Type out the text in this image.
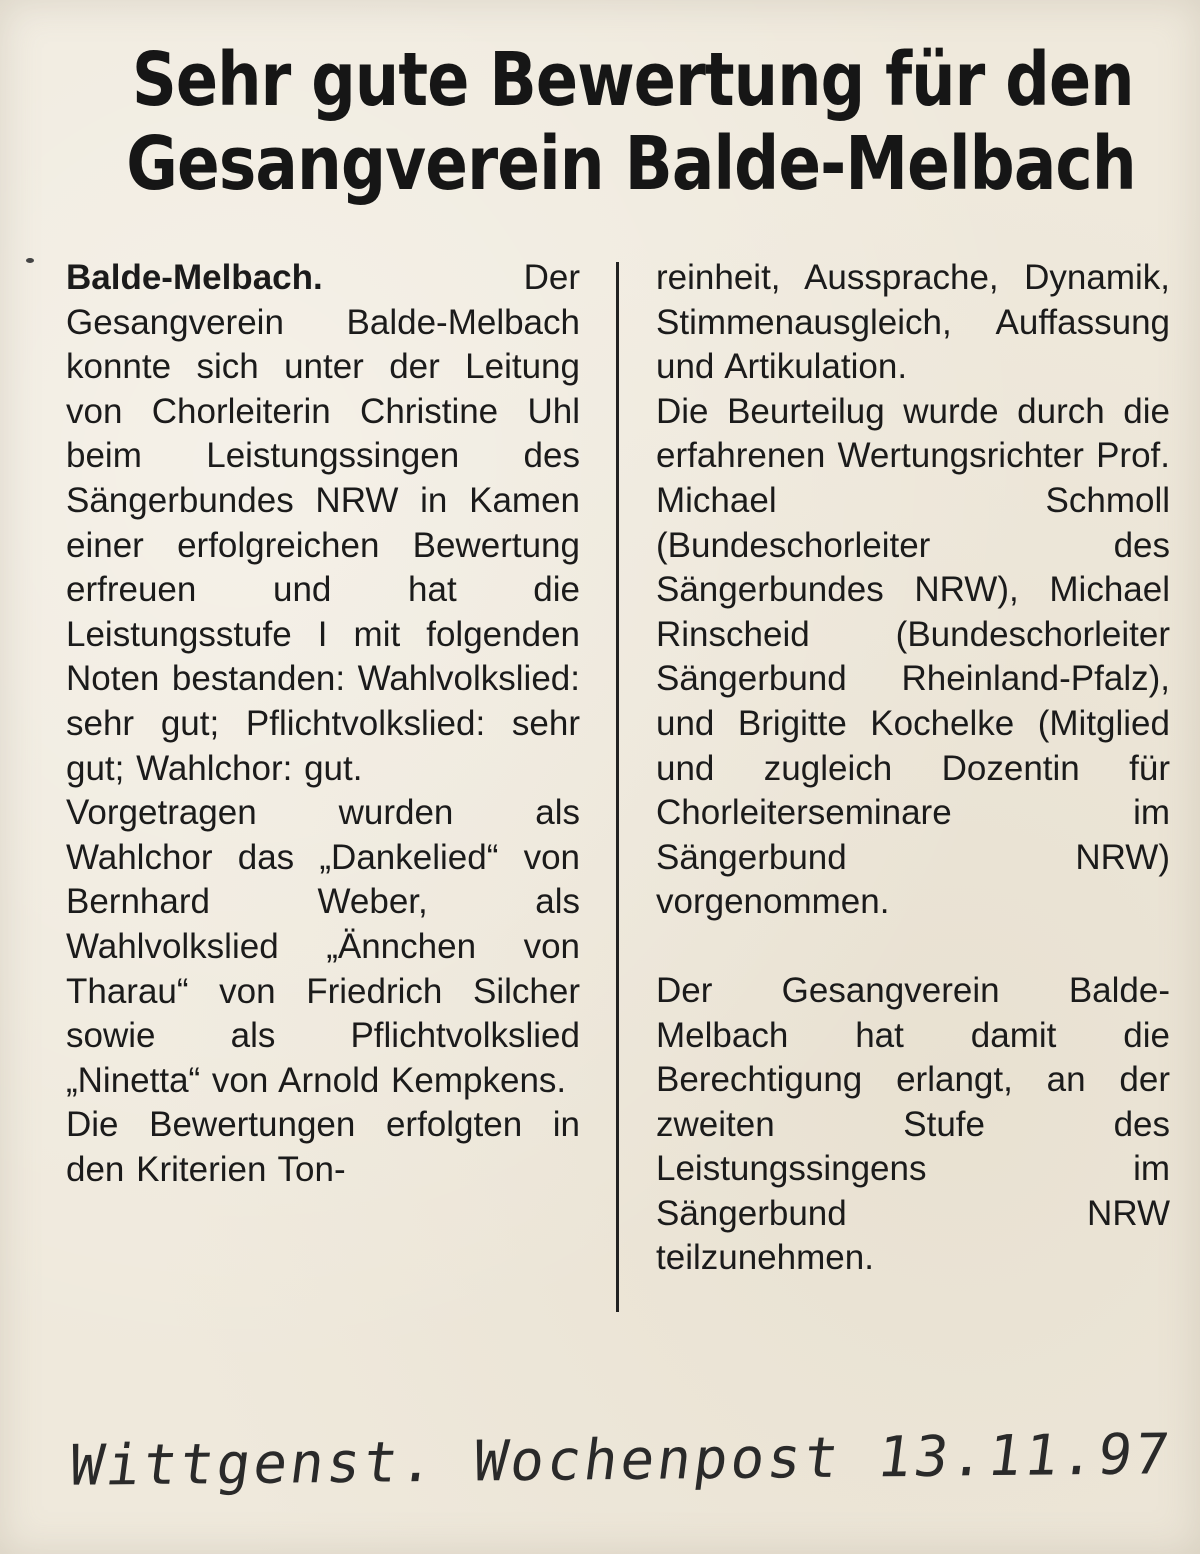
Sehr gute Bewertung für den
Gesangverein Balde-Melbach

Balde-Melbach.	Der Gesangverein Balde-Melbach konnte sich unter der Leitung von Chorleiterin Christine Uhl beim Leistungssingen des Sängerbundes NRW in Kamen einer erfolgreichen Bewertung erfreuen und hat die Leistungsstufe I mit folgenden Noten bestanden: Wahlvolkslied: sehr gut; Pflichtvolkslied: sehr gut; Wahlchor: gut.

Vorgetragen wurden als Wahlchor das „Dankelied“ von Bernhard Weber, als Wahlvolkslied „Ännchen von Tharau“ von Friedrich Silcher sowie als Pflichtvolkslied „Ninetta“ von Arnold Kempkens.

Die Bewertungen erfolgten in den Kriterien Ton-

reinheit, Aussprache, Dynamik, Stimmenausgleich, Auffassung und Artikulation.

Die Beurteilug wurde durch die erfahrenen Wertungsrichter Prof. Michael Schmoll (Bundeschorleiter des Sängerbundes NRW), Michael Rinscheid (Bundeschorleiter Sängerbund Rheinland-Pfalz), und Brigitte Kochelke (Mitglied und zugleich Dozentin für Chorleiterseminare im Sängerbund NRW) vorgenommen.

Der Gesangverein Balde-Melbach hat damit die Berechtigung erlangt, an der zweiten Stufe des Leistungssingens im Sängerbund NRW teilzunehmen.

Wittgenst. Wochenpost 13.11.97
